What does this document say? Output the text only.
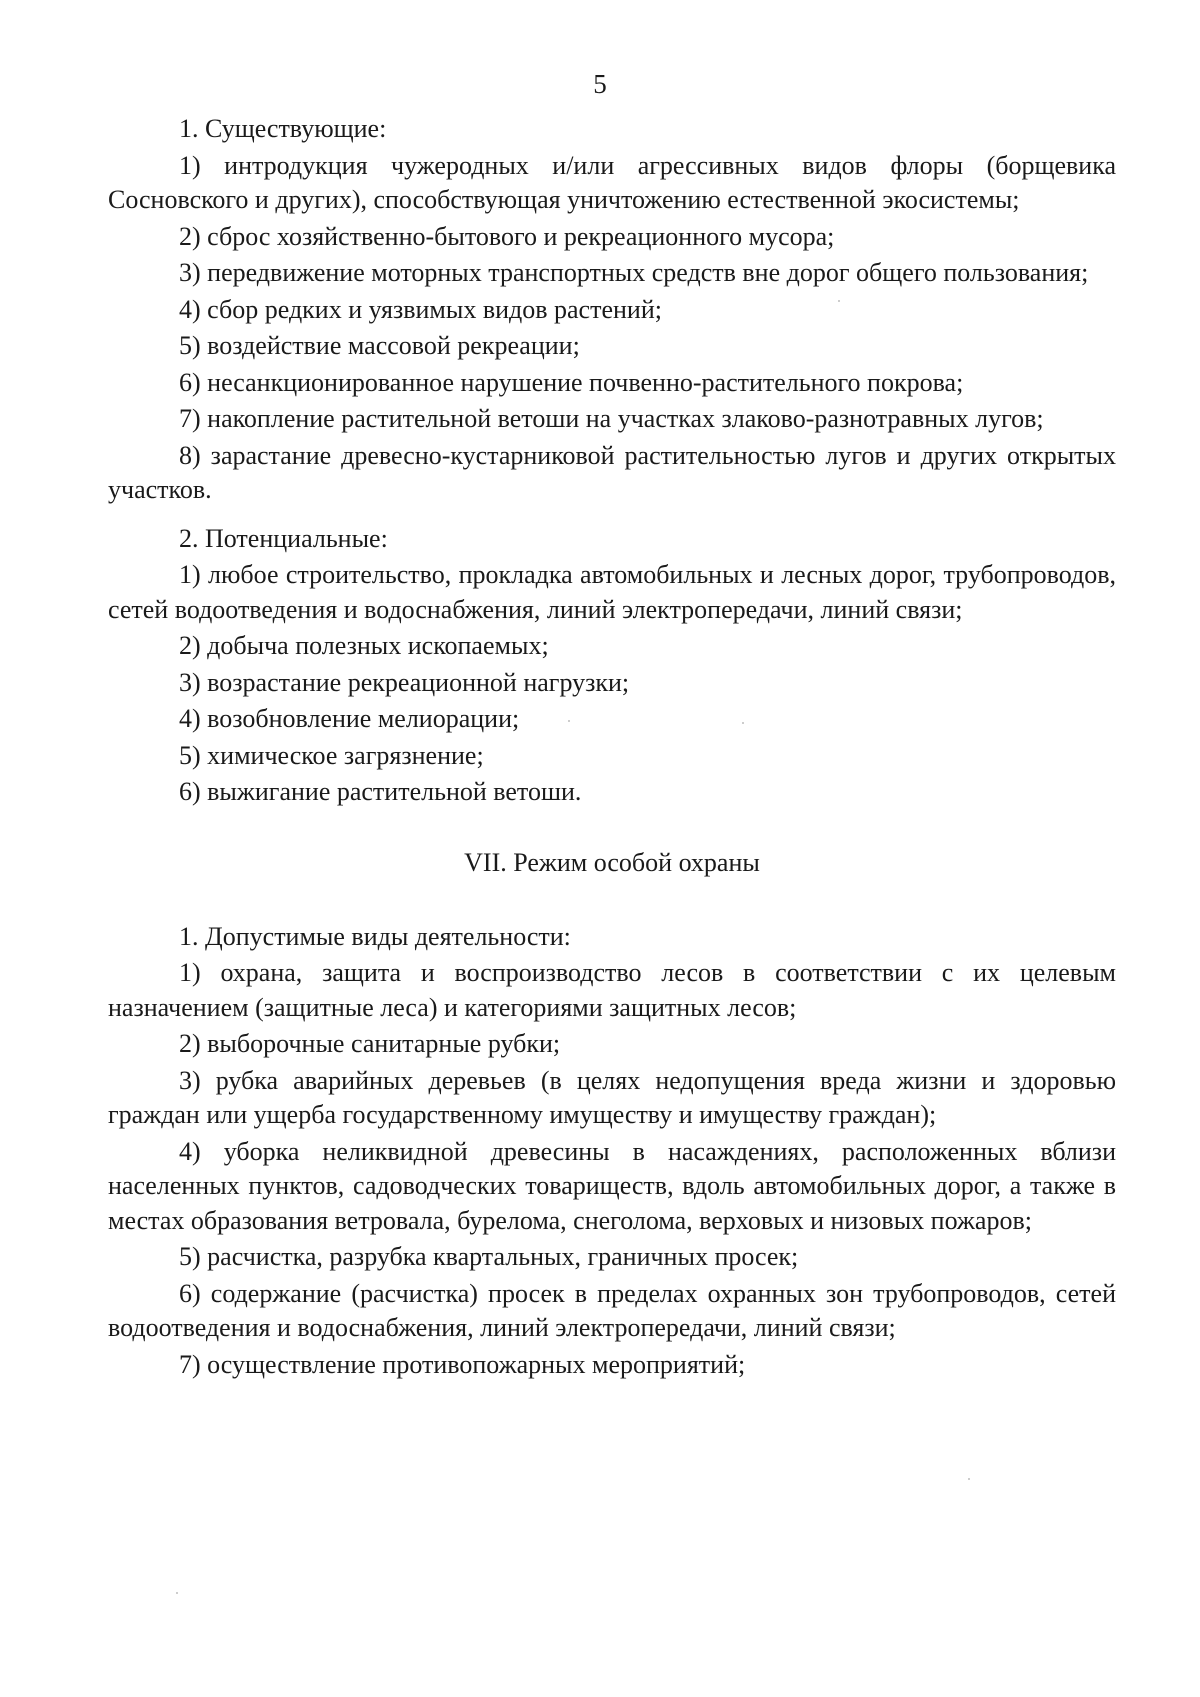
5

1. Существующие:

1) интродукция чужеродных и/или агрессивных видов флоры (борщевика Сосновского и других), способствующая уничтожению естественной экосистемы;

2) сброс хозяйственно-бытового и рекреационного мусора;

3) передвижение моторных транспортных средств вне дорог общего пользования;

4) сбор редких и уязвимых видов растений;

5) воздействие массовой рекреации;

6) несанкционированное нарушение почвенно-растительного покрова;

7) накопление растительной ветоши на участках злаково-разнотравных лугов;

8) зарастание древесно-кустарниковой растительностью лугов и других открытых участков.

2. Потенциальные:

1) любое строительство, прокладка автомобильных и лесных дорог, трубопроводов, сетей водоотведения и водоснабжения, линий электропередачи, линий связи;

2) добыча полезных ископаемых;

3) возрастание рекреационной нагрузки;

4) возобновление мелиорации;

5) химическое загрязнение;

6) выжигание растительной ветоши.

VII. Режим особой охраны

1. Допустимые виды деятельности:

1) охрана, защита и воспроизводство лесов в соответствии с их целевым назначением (защитные леса) и категориями защитных лесов;

2) выборочные санитарные рубки;

3) рубка аварийных деревьев (в целях недопущения вреда жизни и здоровью граждан или ущерба государственному имуществу и имуществу граждан);

4) уборка неликвидной древесины в насаждениях, расположенных вблизи населенных пунктов, садоводческих товариществ, вдоль автомобильных дорог, а также в местах образования ветровала, бурелома, снеголома, верховых и низовых пожаров;

5) расчистка, разрубка квартальных, граничных просек;

6) содержание (расчистка) просек в пределах охранных зон трубопроводов, сетей водоотведения и водоснабжения, линий электропередачи, линий связи;

7) осуществление противопожарных мероприятий;
